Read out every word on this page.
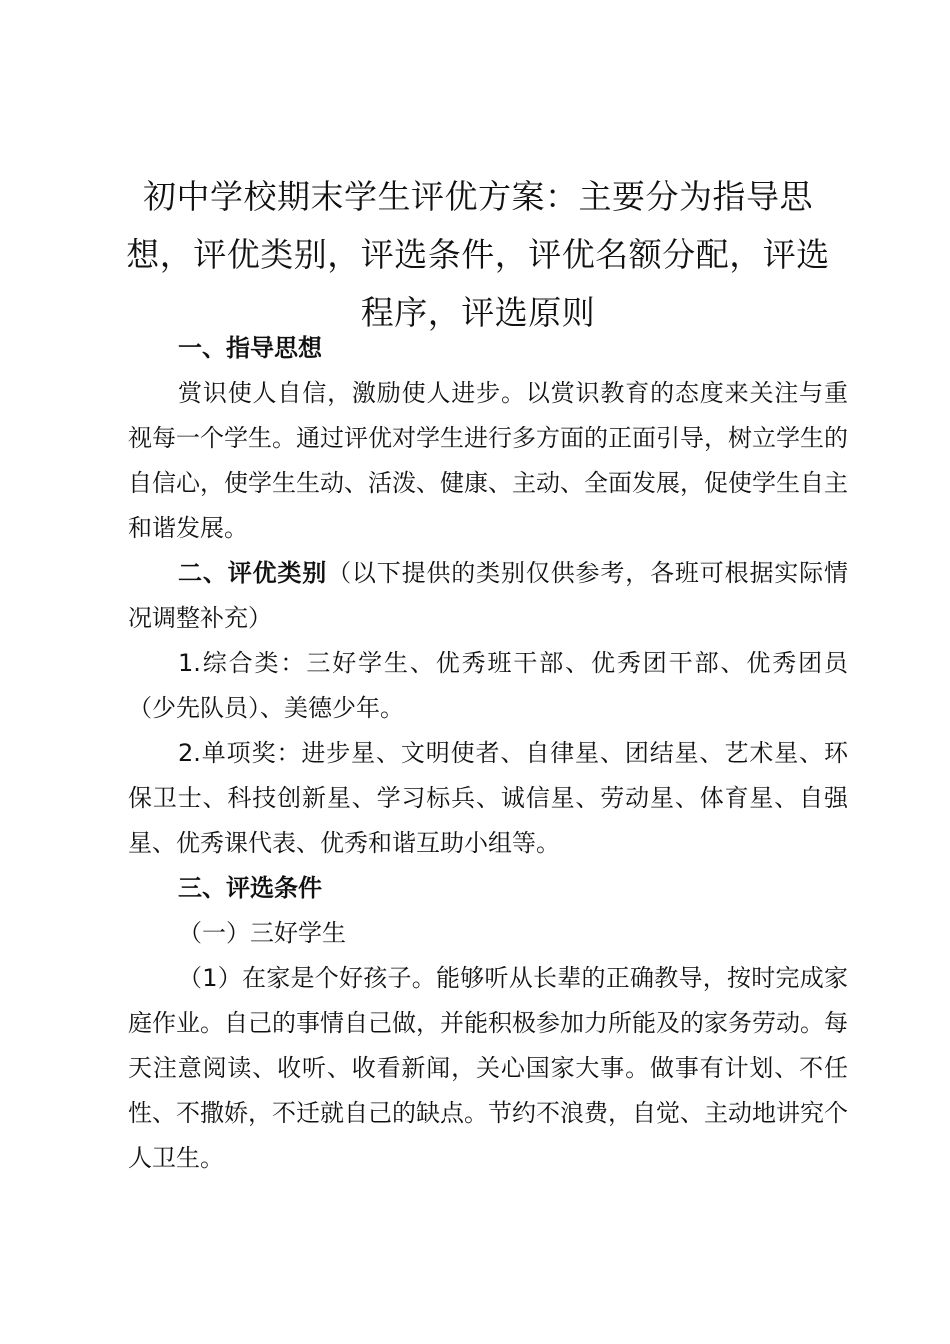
初中学校期末学生评优方案：主要分为指导思想，评优类别，评选条件，评优名额分配，评选程序，评选原则

一、指导思想

赏识使人自信，激励使人进步。以赏识教育的态度来关注与重视每一个学生。通过评优对学生进行多方面的正面引导，树立学生的自信心，使学生生动、活泼、健康、主动、全面发展，促使学生自主和谐发展。

二、评优类别（以下提供的类别仅供参考，各班可根据实际情况调整补充）

1.综合类：三好学生、优秀班干部、优秀团干部、优秀团员（少先队员）、美德少年。

2.单项奖：进步星、文明使者、自律星、团结星、艺术星、环保卫士、科技创新星、学习标兵、诚信星、劳动星、体育星、自强星、优秀课代表、优秀和谐互助小组等。

三、评选条件

（一）三好学生

（1）在家是个好孩子。能够听从长辈的正确教导，按时完成家庭作业。自己的事情自己做，并能积极参加力所能及的家务劳动。每天注意阅读、收听、收看新闻，关心国家大事。做事有计划、不任性、不撒娇，不迁就自己的缺点。节约不浪费，自觉、主动地讲究个人卫生。
